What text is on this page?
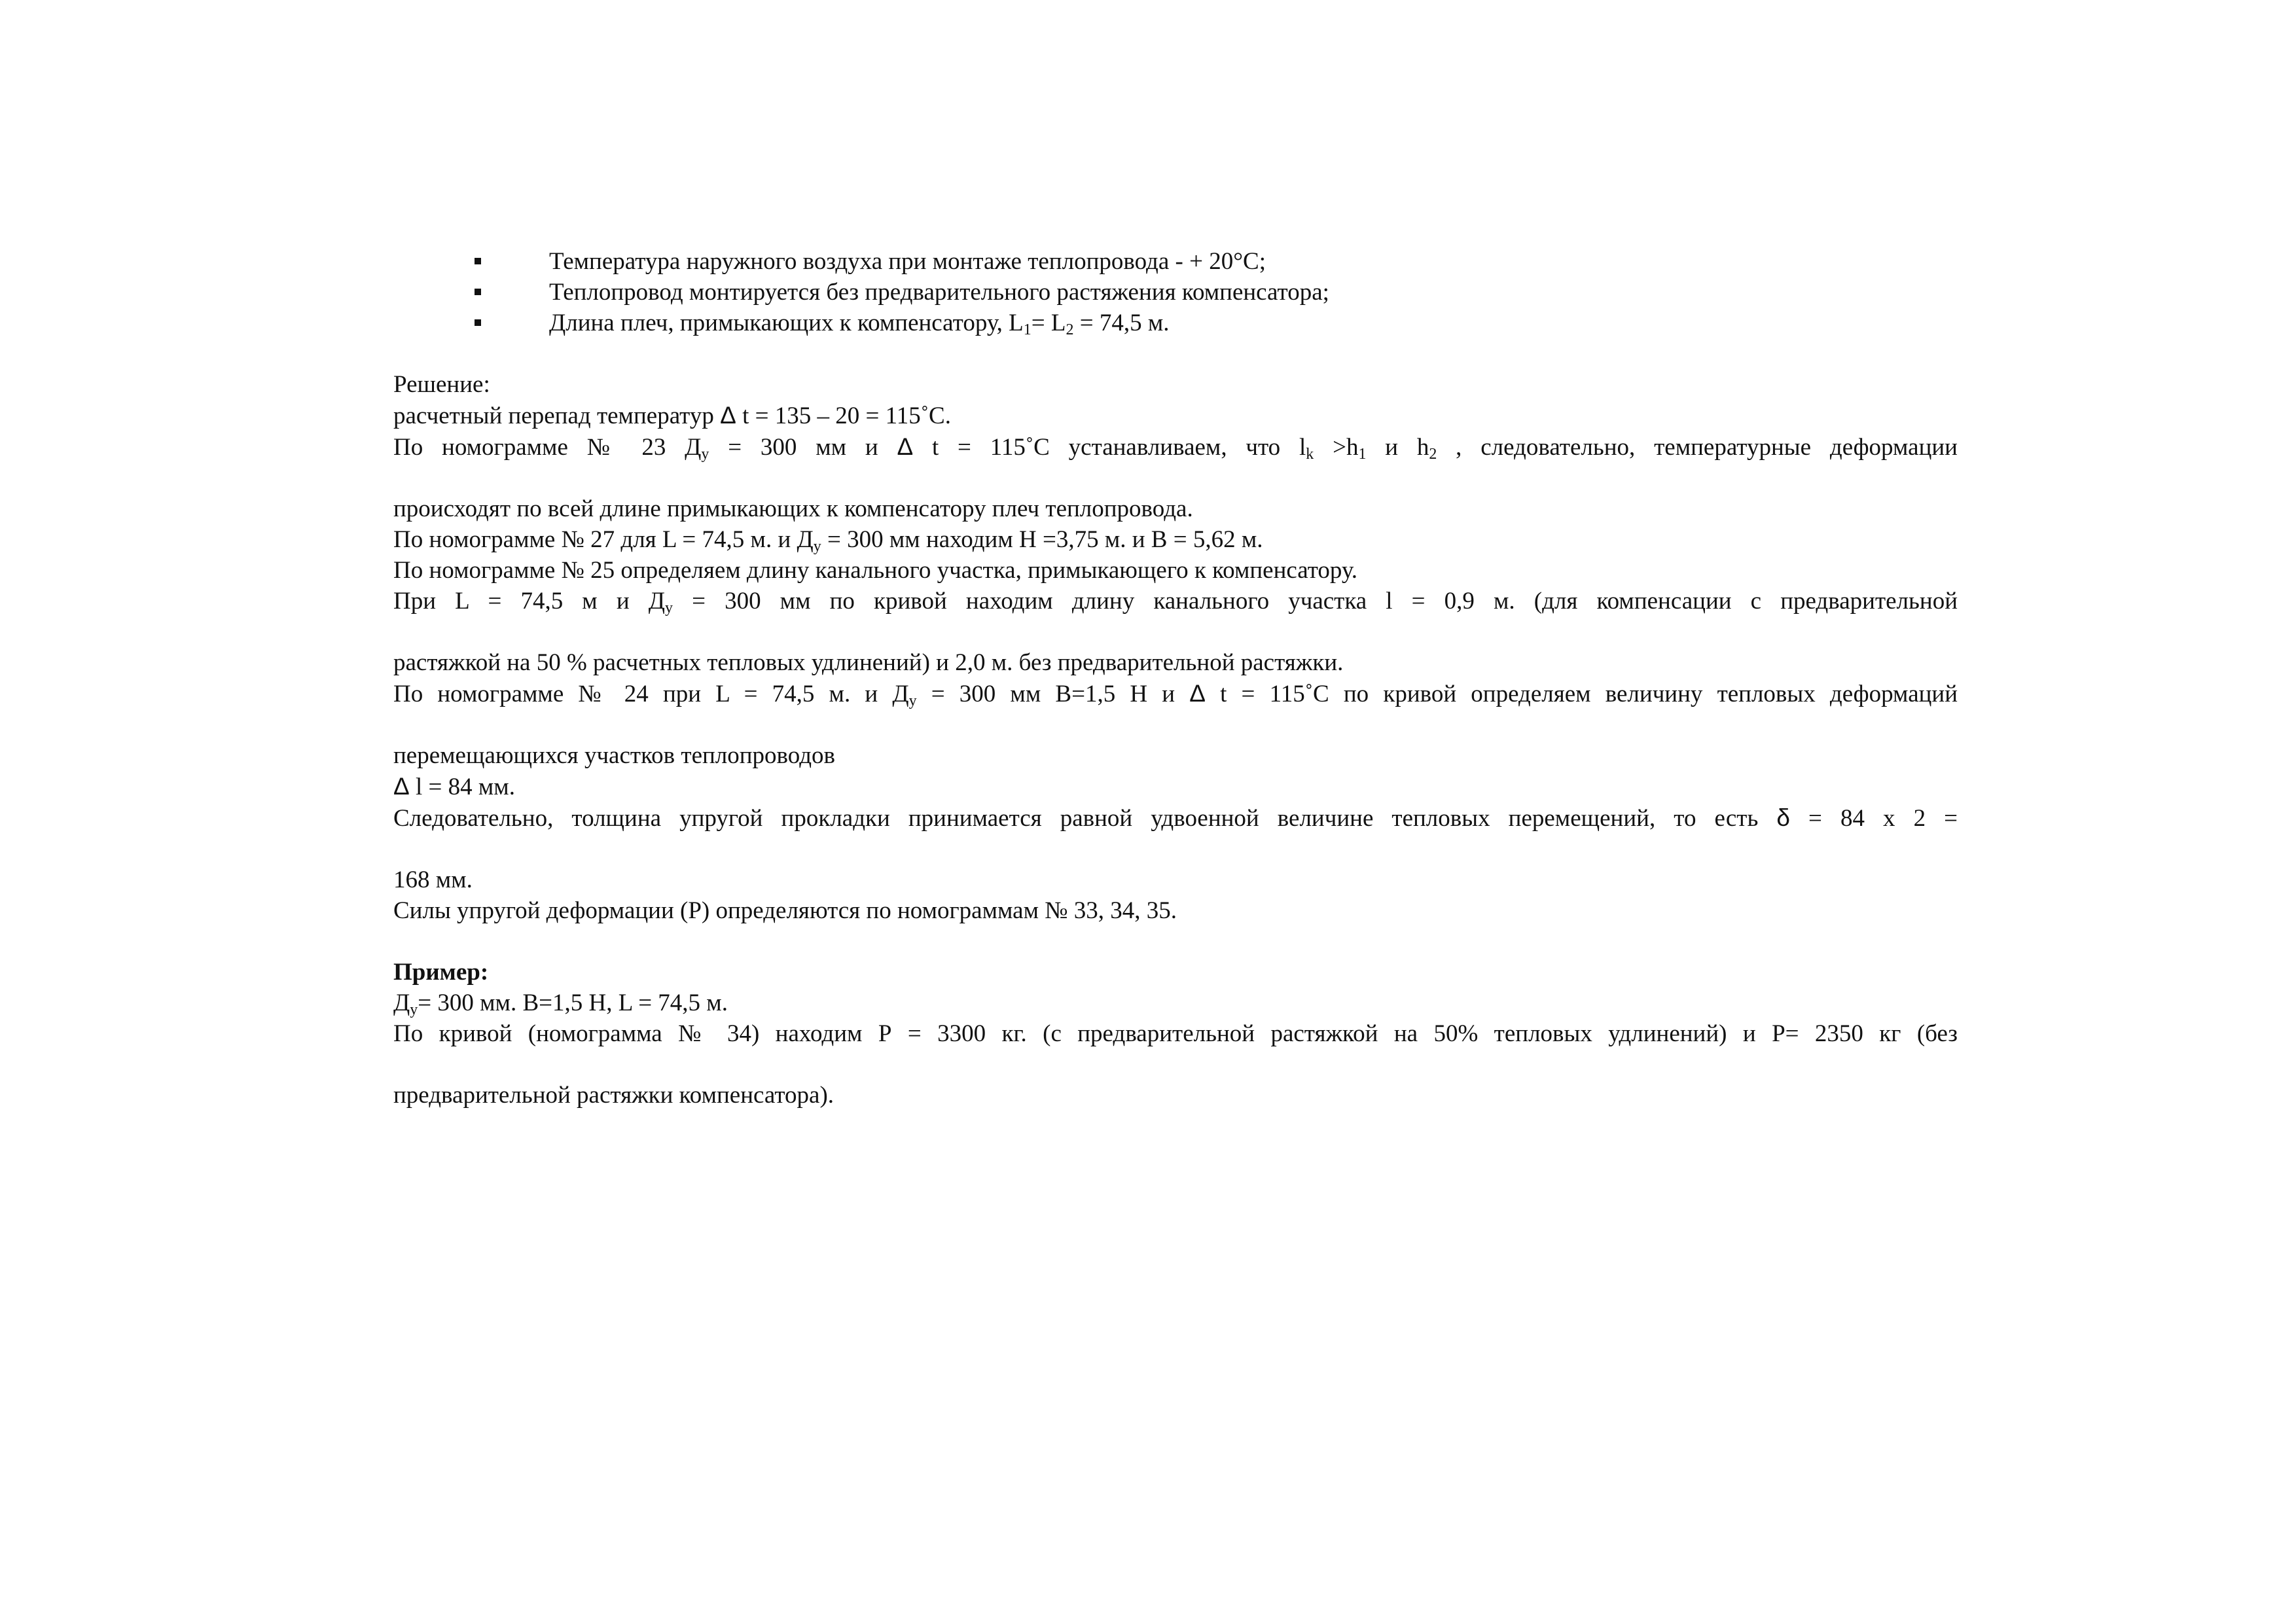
Температура наружного воздуха при монтаже теплопровода - + 20°С;
Теплопровод монтируется без предварительного растяжения компенсатора;
Длина плеч, примыкающих к компенсатору, $L_1= L_2 = 74,5$ м.

Решение:

расчетный перепад температур Δ t = 135 – 20 = 115˚С.

По номограмме № 23 $Д_у = 300$ мм и Δ t = 115˚С устанавливаем, что $l_k >h_1$ и $h_2$ , следовательно, температурные деформации

происходят по всей длине примыкающих к компенсатору плеч теплопровода.

По номограмме № 27 для L = 74,5 м. и $Д_у = 300$ мм находим Н =3,75 м. и В = 5,62 м.

По номограмме № 25 определяем длину канального участка, примыкающего к компенсатору.

При L = 74,5 м и $Д_у = 300$ мм по кривой находим длину канального участка l = 0,9 м. (для компенсации с предварительной

растяжкой на 50 % расчетных тепловых удлинений) и 2,0 м. без предварительной растяжки.

По номограмме № 24 при L = 74,5 м. и $Д_у = 300$ мм В=1,5 Н и Δ t = 115˚С по кривой определяем величину тепловых деформаций

перемещающихся участков теплопроводов

Δ l = 84 мм.

Следовательно, толщина упругой прокладки принимается равной удвоенной величине тепловых перемещений, то есть δ = 84 х 2 =

168 мм.

Силы упругой деформации (Р) определяются по номограммам № 33, 34, 35.

Пример:

$Д_у= 300$ мм. В=1,5 Н, L = 74,5 м.

По кривой (номограмма № 34) находим Р = 3300 кг. (с предварительной растяжкой на 50% тепловых удлинений) и Р= 2350 кг (без

предварительной растяжки компенсатора).
